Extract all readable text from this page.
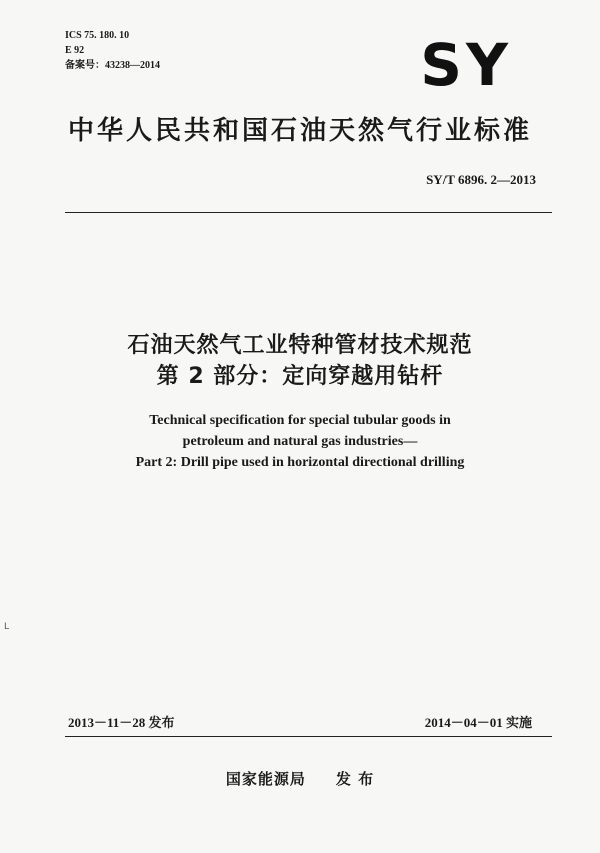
ICS 75. 180. 10
E 92
备案号：43238—2014	SY
中华人民共和国石油天然气行业标准
SY/T 6896. 2—2013
石油天然气工业特种管材技术规范
第 2 部分：定向穿越用钻杆
Technical specification for special tubular goods in
petroleum and natural gas industries—
Part 2: Drill pipe used in horizontal directional drilling
L
2013－11－28 发布	2014－04－01 实施
国家能源局 发 布
